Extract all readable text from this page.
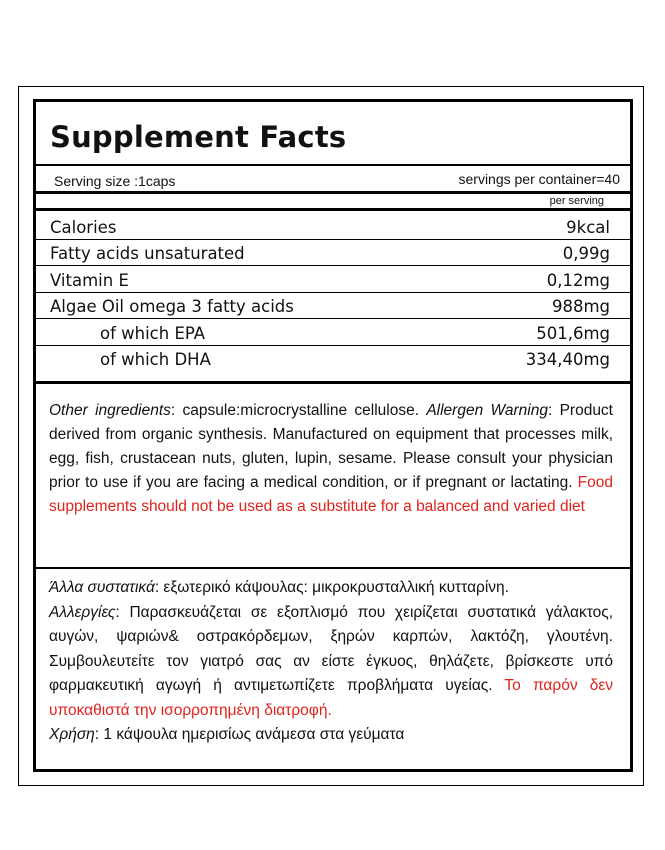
Supplement Facts
Serving size :1caps	servings per container=40
per serving
Calories	9kcal
Fatty acids unsaturated	0,99g
Vitamin E	0,12mg
Algae Oil omega 3 fatty acids	988mg
of which EPA	501,6mg
of which DHA	334,40mg
Other ingredients: capsule:microcrystalline cellulose. Allergen Warning: Product derived from organic synthesis. Manufactured on equipment that processes milk, egg, fish, crustacean nuts, gluten, lupin, sesame. Please consult your physician prior to use if you are facing a medical condition, or if pregnant or lactating. Food supplements should not be used as a substitute for a balanced and varied diet
Άλλα συστατικά: εξωτερικό κάψουλας: μικροκρυσταλλική κυτταρίνη.
Αλλεργίες: Παρασκευάζεται σε εξοπλισμό που χειρίζεται συστατικά γάλακτος, αυγών, ψαριών& οστρακόρδεμων, ξηρών καρπών, λακτόζη, γλουτένη. Συμβουλευτείτε τον γιατρό σας αν είστε έγκυος, θηλάζετε, βρίσκεστε υπό φαρμακευτική αγωγή ή αντιμετωπίζετε προβλήματα υγείας. Το παρόν δεν υποκαθιστά την ισορροπημένη διατροφή.
Χρήση: 1 κάψουλα ημερισίως ανάμεσα στα γεύματα
